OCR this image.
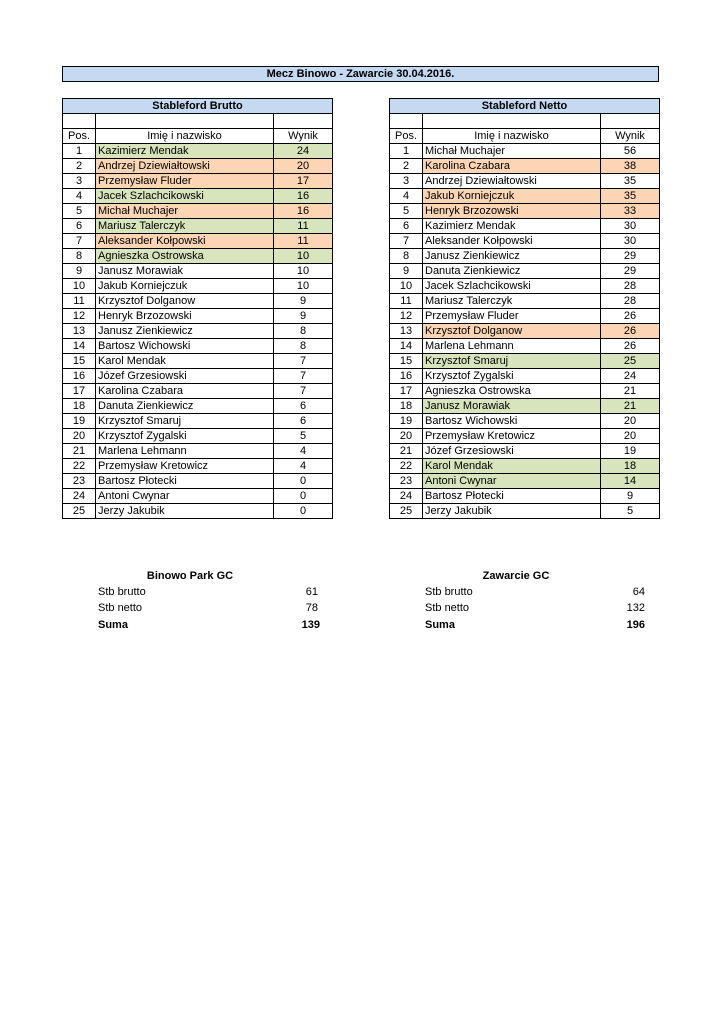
Mecz Binowo - Zawarcie 30.04.2016.
Stableford Brutto		

Pos.	Imię i nazwisko	Wynik
1	Kazimierz Mendak	24
2	Andrzej Dziewiałtowski	20
3	Przemysław Fluder	17
4	Jacek Szlachcikowski	16
5	Michał Muchajer	16
6	Mariusz Talerczyk	11
7	Aleksander Kołpowski	11
8	Agnieszka Ostrowska	10
9	Janusz Morawiak	10
10	Jakub Korniejczuk	10
11	Krzysztof Dolganow	9
12	Henryk Brzozowski	9
13	Janusz Zienkiewicz	8
14	Bartosz Wichowski	8
15	Karol Mendak	7
16	Józef Grzesiowski	7
17	Karolina Czabara	7
18	Danuta Zienkiewicz	6
19	Krzysztof Smaruj	6
20	Krzysztof Zygalski	5
21	Marlena Lehmann	4
22	Przemysław Kretowicz	4
23	Bartosz Płotecki	0
24	Antoni Cwynar	0
25	Jerzy Jakubik	0
Stableford Netto		

Pos.	Imię i nazwisko	Wynik
1	Michał Muchajer	56
2	Karolina Czabara	38
3	Andrzej Dziewiałtowski	35
4	Jakub Korniejczuk	35
5	Henryk Brzozowski	33
6	Kazimierz Mendak	30
7	Aleksander Kołpowski	30
8	Janusz Zienkiewicz	29
9	Danuta Zienkiewicz	29
10	Jacek Szlachcikowski	28
11	Mariusz Talerczyk	28
12	Przemysław Fluder	26
13	Krzysztof Dolganow	26
14	Marlena Lehmann	26
15	Krzysztof Smaruj	25
16	Krzysztof Zygalski	24
17	Agnieszka Ostrowska	21
18	Janusz Morawiak	21
19	Bartosz Wichowski	20
20	Przemysław Kretowicz	20
21	Józef Grzesiowski	19
22	Karol Mendak	18
23	Antoni Cwynar	14
24	Bartosz Płotecki	9
25	Jerzy Jakubik	5
Binowo Park GC
Stb brutto	61
Stb netto	78
Suma	139
Zawarcie GC
Stb brutto	64
Stb netto	132
Suma	196
